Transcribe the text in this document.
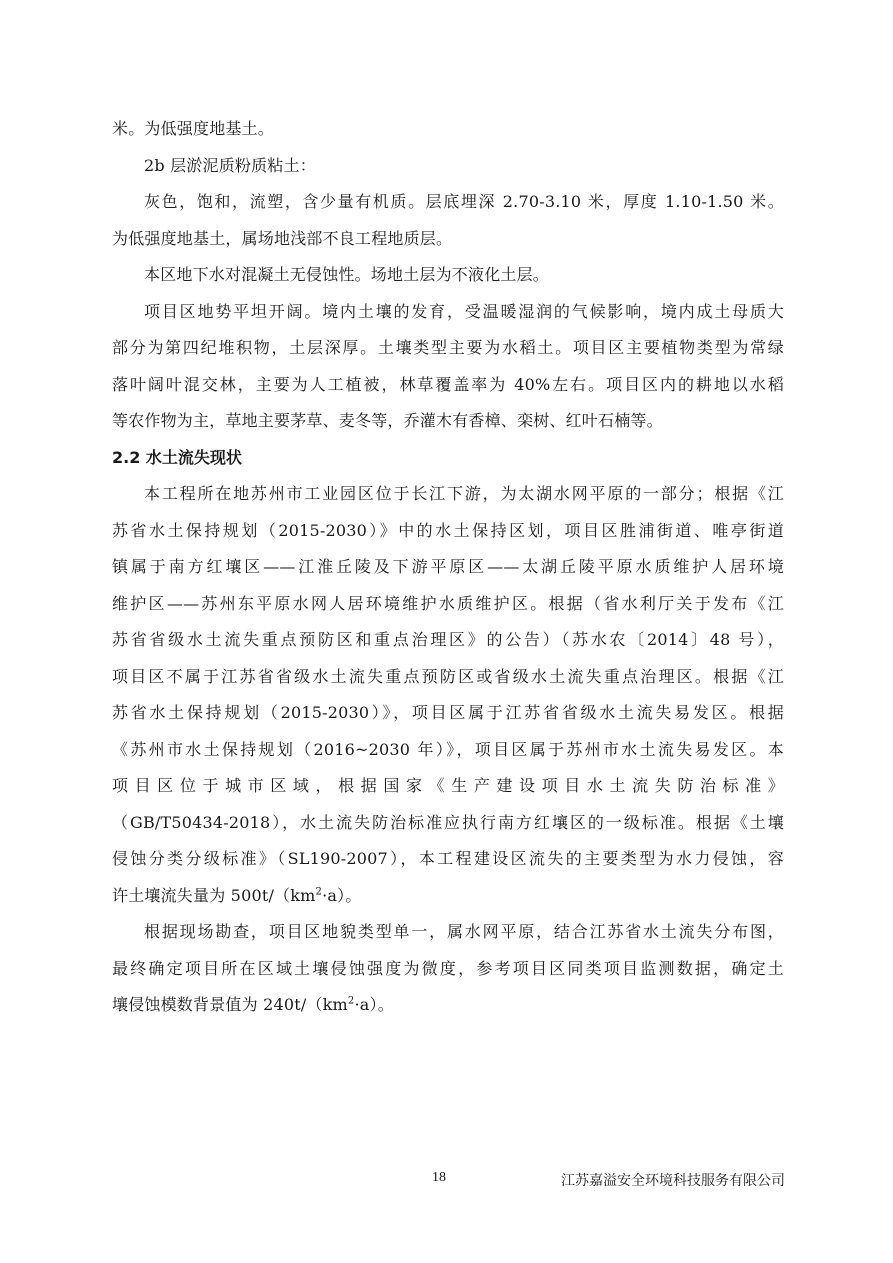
米。为低强度地基土。
2b 层淤泥质粉质粘土：
灰色，饱和，流塑，含少量有机质。层底埋深 2.70-3.10 米，厚度 1.10-1.50 米。
为低强度地基土，属场地浅部不良工程地质层。
本区地下水对混凝土无侵蚀性。场地土层为不液化土层。
项目区地势平坦开阔。境内土壤的发育，受温暖湿润的气候影响，境内成土母质大
部分为第四纪堆积物，土层深厚。土壤类型主要为水稻土。项目区主要植物类型为常绿
落叶阔叶混交林，主要为人工植被，林草覆盖率为 40%左右。项目区内的耕地以水稻
等农作物为主，草地主要茅草、麦冬等，乔灌木有香樟、栾树、红叶石楠等。
2.2 水土流失现状
本工程所在地苏州市工业园区位于长江下游，为太湖水网平原的一部分；根据《江
苏省水土保持规划（2015-2030）》中的水土保持区划，项目区胜浦街道、唯亭街道
镇属于南方红壤区——江淮丘陵及下游平原区——太湖丘陵平原水质维护人居环境
维护区——苏州东平原水网人居环境维护水质维护区。根据（省水利厅关于发布《江
苏省省级水土流失重点预防区和重点治理区》的公告）（苏水农〔2014〕48 号），
项目区不属于江苏省省级水土流失重点预防区或省级水土流失重点治理区。根据《江
苏省水土保持规划（2015-2030）》，项目区属于江苏省省级水土流失易发区。根据
《苏州市水土保持规划（2016~2030 年）》，项目区属于苏州市水土流失易发区。本
项目区位于城市区域，根据国家《生产建设项目水土流失防治标准》
（GB/T50434-2018），水土流失防治标准应执行南方红壤区的一级标准。根据《土壤
侵蚀分类分级标准》（SL190-2007），本工程建设区流失的主要类型为水力侵蚀，容
许土壤流失量为 $500t/(km^2\cdot a)$。
根据现场勘查，项目区地貌类型单一，属水网平原，结合江苏省水土流失分布图，
最终确定项目所在区域土壤侵蚀强度为微度，参考项目区同类项目监测数据，确定土
壤侵蚀模数背景值为 $240t/(km^2\cdot a)$。
18	江苏嘉溢安全环境科技服务有限公司
